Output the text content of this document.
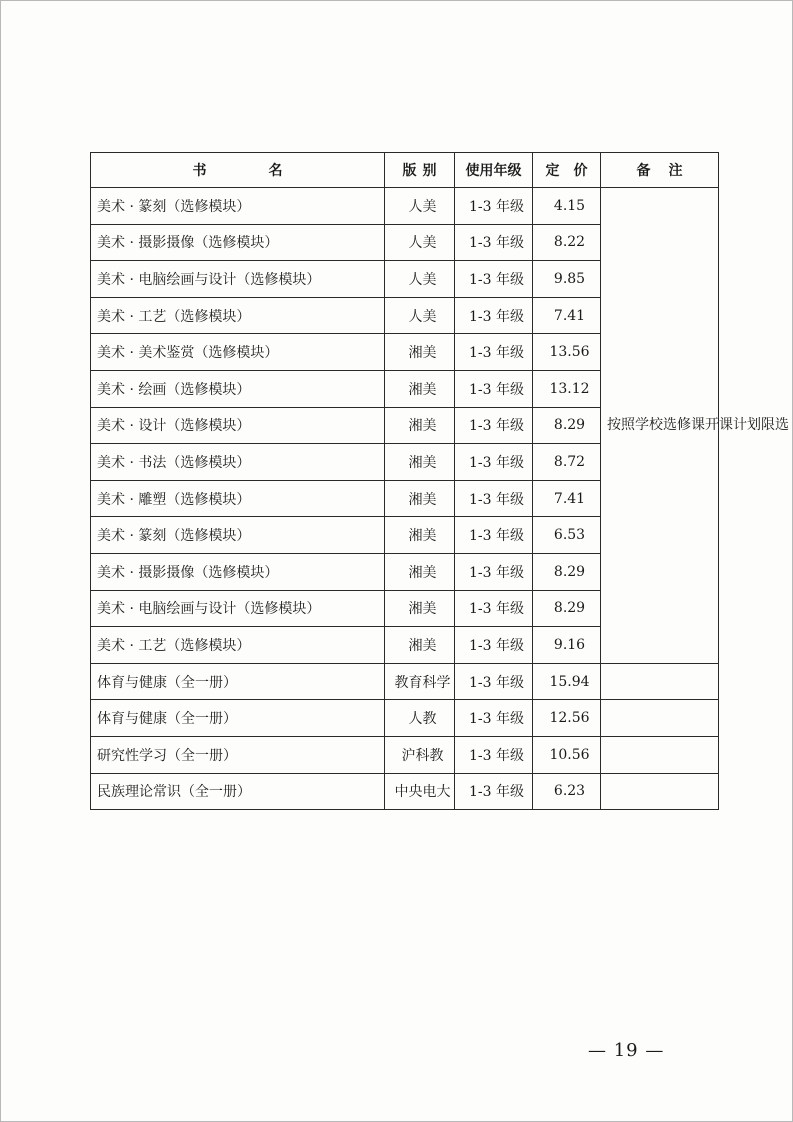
书名	版别	使用年级	定价	备注
美术 · 篆刻（选修模块）	人美	1-3 年级	4.15	按照学校选修课开课计划限选
美术 · 摄影摄像（选修模块）	人美	1-3 年级	8.22	
美术 · 电脑绘画与设计（选修模块）	人美	1-3 年级	9.85	
美术 · 工艺（选修模块）	人美	1-3 年级	7.41	
美术 · 美术鉴赏（选修模块）	湘美	1-3 年级	13.56	
美术 · 绘画（选修模块）	湘美	1-3 年级	13.12	
美术 · 设计（选修模块）	湘美	1-3 年级	8.29	
美术 · 书法（选修模块）	湘美	1-3 年级	8.72	
美术 · 雕塑（选修模块）	湘美	1-3 年级	7.41	
美术 · 篆刻（选修模块）	湘美	1-3 年级	6.53	
美术 · 摄影摄像（选修模块）	湘美	1-3 年级	8.29	
美术 · 电脑绘画与设计（选修模块）	湘美	1-3 年级	8.29	
美术 · 工艺（选修模块）	湘美	1-3 年级	9.16	
体育与健康（全一册）	教育科学	1-3 年级	15.94	
体育与健康（全一册）	人教	1-3 年级	12.56	
研究性学习（全一册）	沪科教	1-3 年级	10.56	
民族理论常识（全一册）	中央电大	1-3 年级	6.23	
— 19 —
